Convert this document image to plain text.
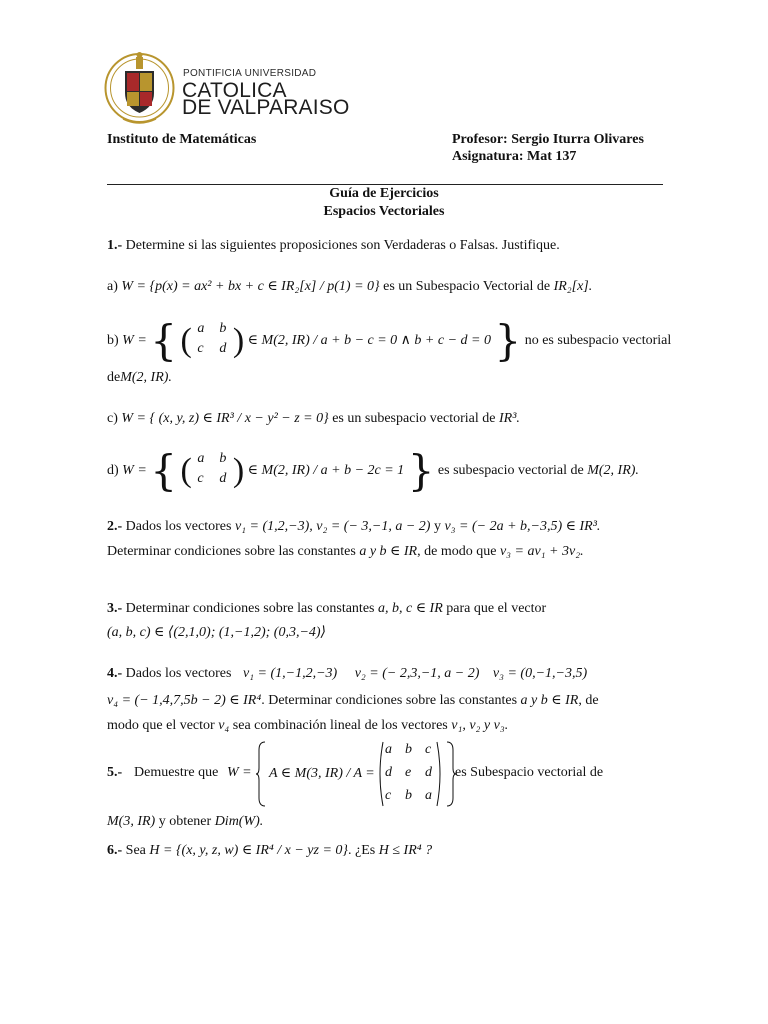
PONTIFICIA UNIVERSIDAD
CATOLICA
DE VALPARAISO
Instituto de Matemáticas	Profesor: Sergio Iturra Olivares
Asignatura: Mat 137
Guía de Ejercicios
Espacios Vectoriales
1.- Determine si las siguientes proposiciones son Verdaderas o Falsas. Justifique.
a) W = {p(x) = ax² + bx + c ∈ IR₂[x] / p(1) = 0} es un Subespacio Vectorial de IR₂[x].
b) W = { ( a b
c d ) ∈ M(2, IR) / a + b − c = 0 ∧ b + c − d = 0 } no es subespacio vectorial
deM(2, IR).
c) W = { (x, y, z) ∈ IR³ / x − y² − z = 0} es un subespacio vectorial de IR³.
d) W = { ( a b
c d ) ∈ M(2, IR) / a + b − 2c = 1 } es subespacio vectorial de M(2, IR).
2.- Dados los vectores v₁ = (1,2,−3), v₂ = (− 3,−1, a − 2) y v₃ = (− 2a + b,−3,5) ∈ IR³.
Determinar condiciones sobre las constantes a y b ∈ IR, de modo que v₃ = av₁ + 3v₂.
3.- Determinar condiciones sobre las constantes a, b, c ∈ IR para que el vector
(a, b, c) ∈ ⟨(2,1,0); (1,−1,2); (0,3,−4)⟩
4.- Dados los vectores v₁ = (1,−1,2,−3) v₂ = (− 2,3,−1, a − 2) v₃ = (0,−1,−3,5)
v₄ = (− 1,4,7,5b − 2) ∈ IR⁴. Determinar condiciones sobre las constantes a y b ∈ IR, de
modo que el vector v₄ sea combinación lineal de los vectores v₁, v₂ y v₃.
5.- Demuestre que W = A ∈ M(3, IR) / A =
a b c
d e d
c b a
es Subespacio vectorial de
M(3, IR) y obtener Dim(W).
6.- Sea H = {(x, y, z, w) ∈ IR⁴ / x − yz = 0}. ¿Es H ≤ IR⁴ ?
